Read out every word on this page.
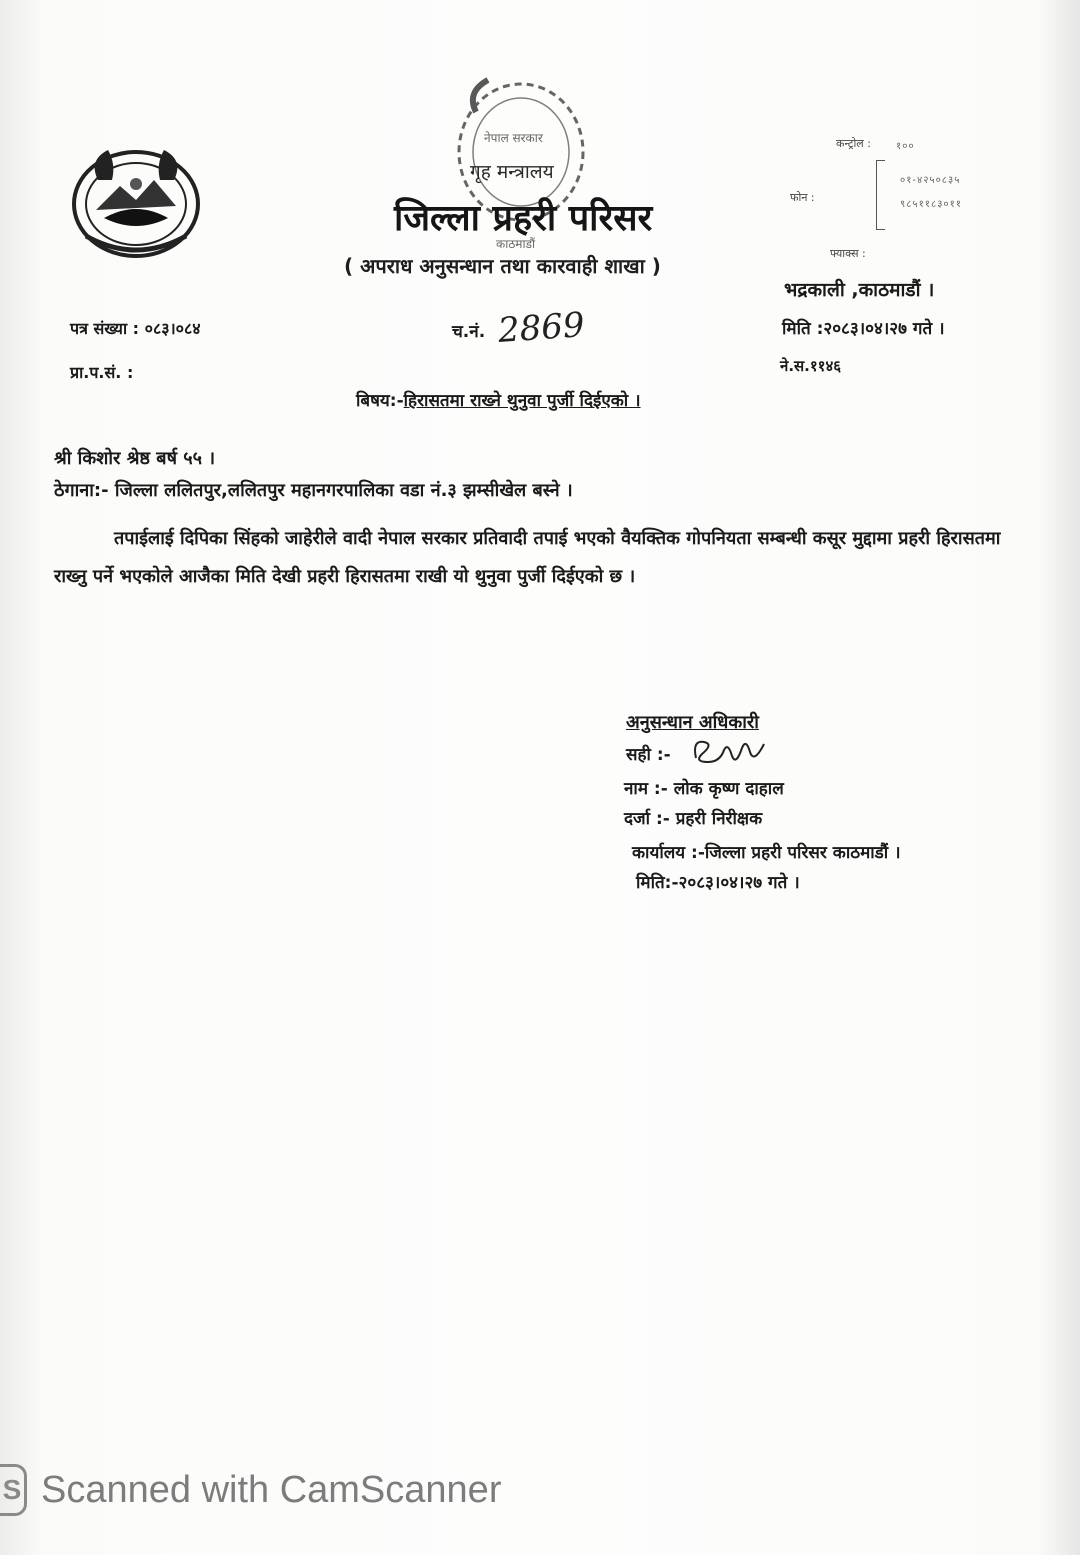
नेपाल सरकार
काठमाडौं
गृह मन्त्रालय
जिल्ला प्रहरी परिसर
( अपराध अनुसन्धान तथा कारवाही शाखा )
कन्ट्रोल :	१००
फोन :
०१-४२५०८३५
९८५११८३०११
फ्याक्स :
भद्रकाली ,काठमाडौं ।
मिति :२०८३।०४।२७ गते ।
ने.स.११४६
पत्र संख्या : ०८३।०८४
प्रा.प.सं. :
च.नं. 2869
बिषय:-हिरासतमा राख्ने थुनुवा पुर्जी दिईएको ।
श्री किशोर श्रेष्ठ बर्ष ५५ ।
ठेगाना:- जिल्ला ललितपुर,ललितपुर महानगरपालिका वडा नं.३ झम्सीखेल बस्ने ।
तपाईलाई दिपिका सिंहको जाहेरीले वादी नेपाल सरकार प्रतिवादी तपाई भएको वैयक्तिक गोपनियता सम्बन्धी कसूर मुद्दामा प्रहरी हिरासतमा राख्नु पर्ने भएकोले आजैका मिति देखी प्रहरी हिरासतमा राखी यो थुनुवा पुर्जी दिईएको छ ।
अनुसन्धान अधिकारी
सही :-
नाम :- लोक कृष्ण दाहाल
दर्जा :- प्रहरी निरीक्षक
कार्यालय :-जिल्ला प्रहरी परिसर काठमाडौं ।
मिति:-२०८३।०४।२७ गते ।
S Scanned with CamScanner
